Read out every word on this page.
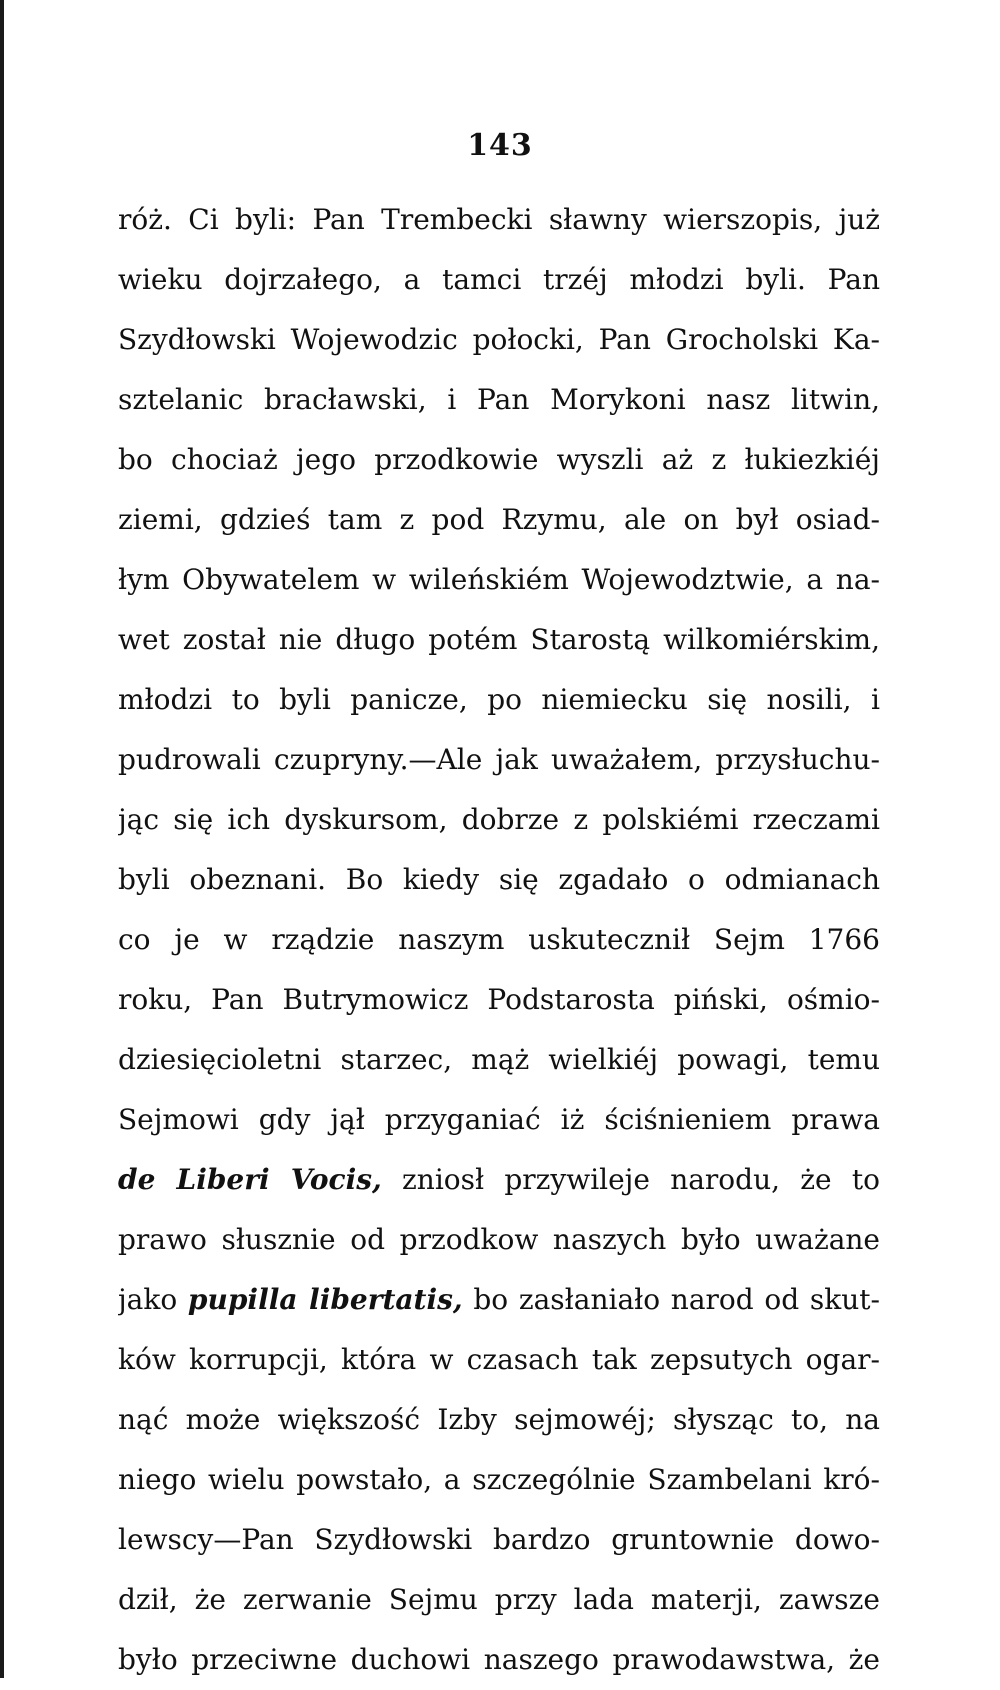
143
róż. Ci byli: Pan Trembecki sławny wierszopis, już
wieku dojrzałego, a tamci trzéj młodzi byli. Pan
Szydłowski Wojewodzic połocki, Pan Grocholski Ka-
sztelanic bracławski, i Pan Morykoni nasz litwin,
bo chociaż jego przodkowie wyszli aż z łukiezkiéj
ziemi, gdzieś tam z pod Rzymu, ale on był osiad-
łym Obywatelem w wileńskiém Wojewodztwie, a na-
wet został nie długo potém Starostą wilkomiérskim,
młodzi to byli panicze, po niemiecku się nosili, i
pudrowali czupryny.—Ale jak uważałem, przysłuchu-
jąc się ich dyskursom, dobrze z polskiémi rzeczami
byli obeznani. Bo kiedy się zgadało o odmianach
co je w rządzie naszym uskutecznił Sejm 1766
roku, Pan Butrymowicz Podstarosta piński, ośmio-
dziesięcioletni starzec, mąż wielkiéj powagi, temu
Sejmowi gdy jął przyganiać iż ściśnieniem prawa
de Liberi Vocis, zniosł przywileje narodu, że to
prawo słusznie od przodkow naszych było uważane
jako pupilla libertatis, bo zasłaniało narod od skut-
ków korrupcji, która w czasach tak zepsutych ogar-
nąć może większość Izby sejmowéj; słysząc to, na
niego wielu powstało, a szczególnie Szambelani kró-
lewscy—Pan Szydłowski bardzo gruntownie dowo-
dził, że zerwanie Sejmu przy lada materji, zawsze
było przeciwne duchowi naszego prawodawstwa, że
